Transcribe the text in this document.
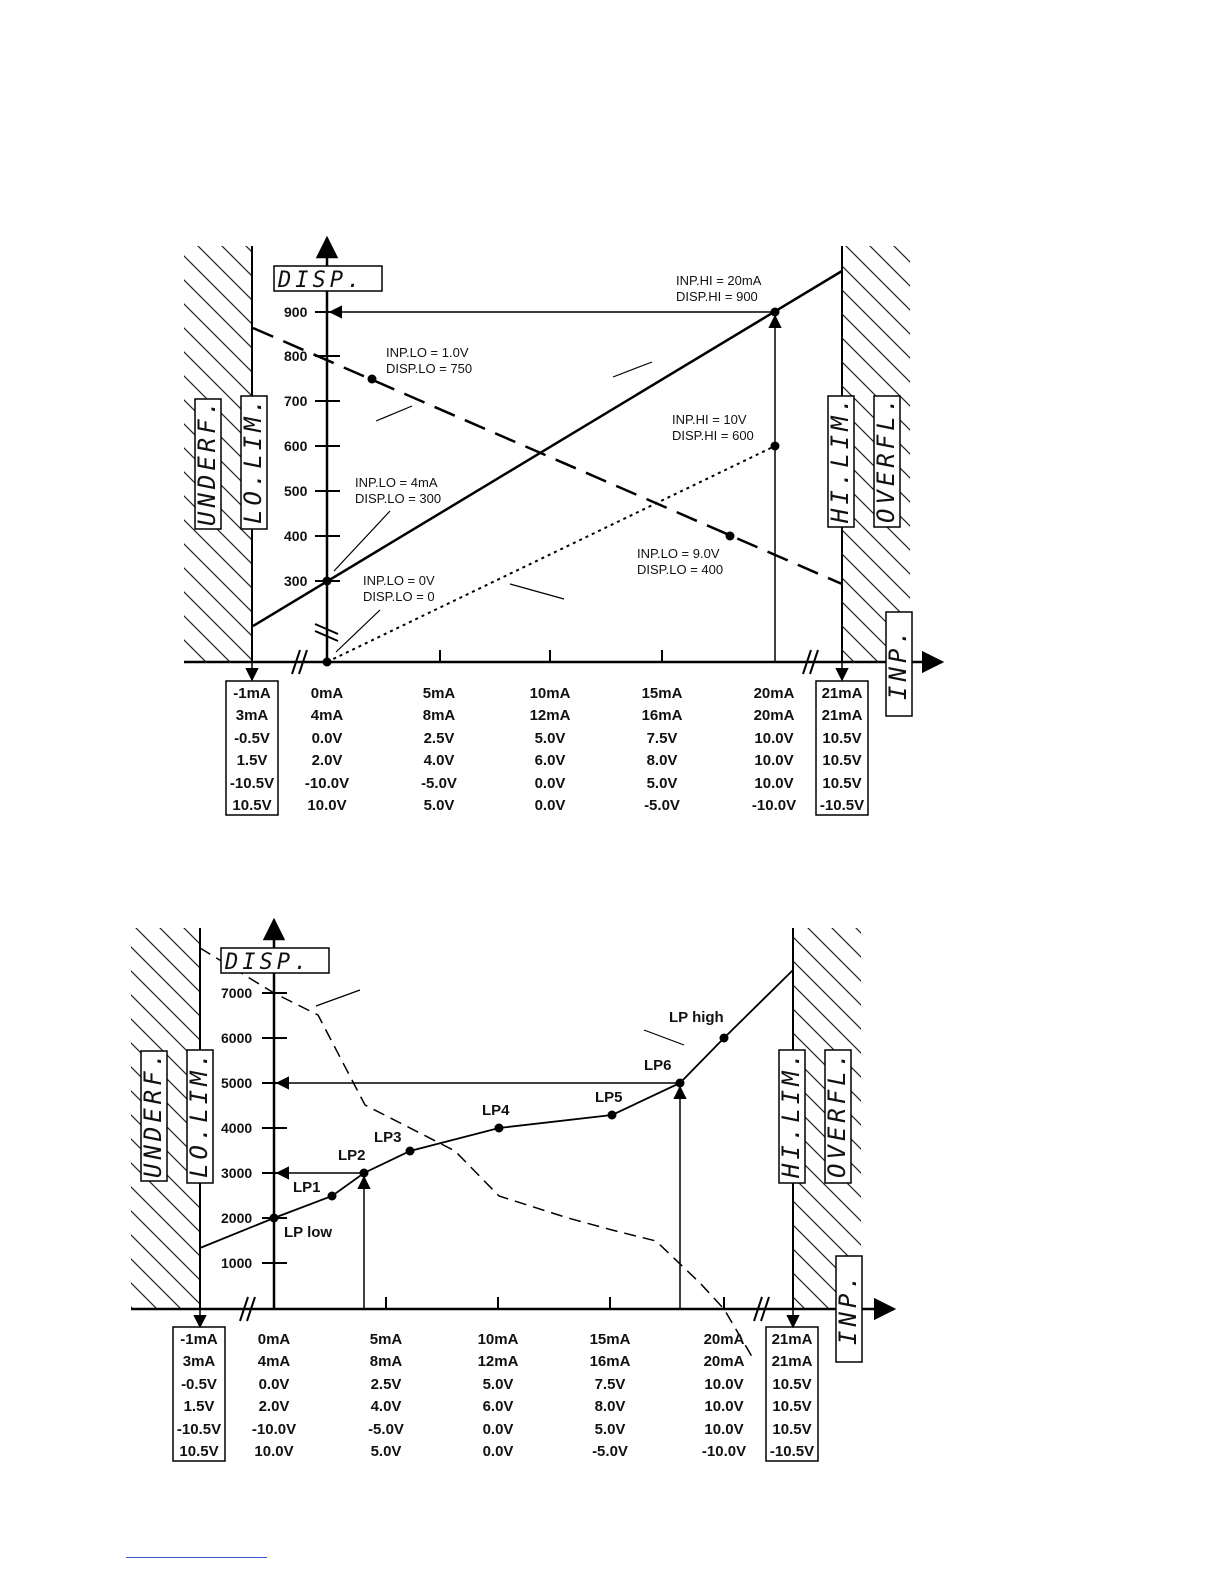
900
800
700
600
500
400
300
INP.HI = 20mA
DISP.HI = 900
INP.LO = 1.0V
DISP.LO = 750
INP.HI = 10V
DISP.HI = 600
INP.LO = 4mA
DISP.LO = 300
INP.LO = 9.0V
DISP.LO = 400
INP.LO = 0V
DISP.LO = 0
DISP.
UNDERF. LO.LIM.	HI.LIM. OVERFL.
INP.
-1mA
3mA
-0.5V
1.5V
-10.5V
10.5V
0mA
4mA
0.0V
2.0V
-10.0V
10.0V
5mA
8mA
2.5V
4.0V
-5.0V
5.0V
10mA
12mA
5.0V
6.0V
0.0V
0.0V
15mA
16mA
7.5V
8.0V
5.0V
-5.0V
20mA
20mA
10.0V
10.0V
10.0V
-10.0V
21mA
21mA
10.5V
10.5V
10.5V
-10.5V
7000
6000
5000
4000
3000
2000
1000
LP high
LP6
LP5
LP4
LP3
LP2
LP1
LP low
DISP.
UNDERF. LO.LIM.	HI.LIM. OVERFL.
INP.
-1mA
3mA
-0.5V
1.5V
-10.5V
10.5V
0mA
4mA
0.0V
2.0V
-10.0V
10.0V
5mA
8mA
2.5V
4.0V
-5.0V
5.0V
10mA
12mA
5.0V
6.0V
0.0V
0.0V
15mA
16mA
7.5V
8.0V
5.0V
-5.0V
20mA
20mA
10.0V
10.0V
10.0V
-10.0V
21mA
21mA
10.5V
10.5V
10.5V
-10.5V
